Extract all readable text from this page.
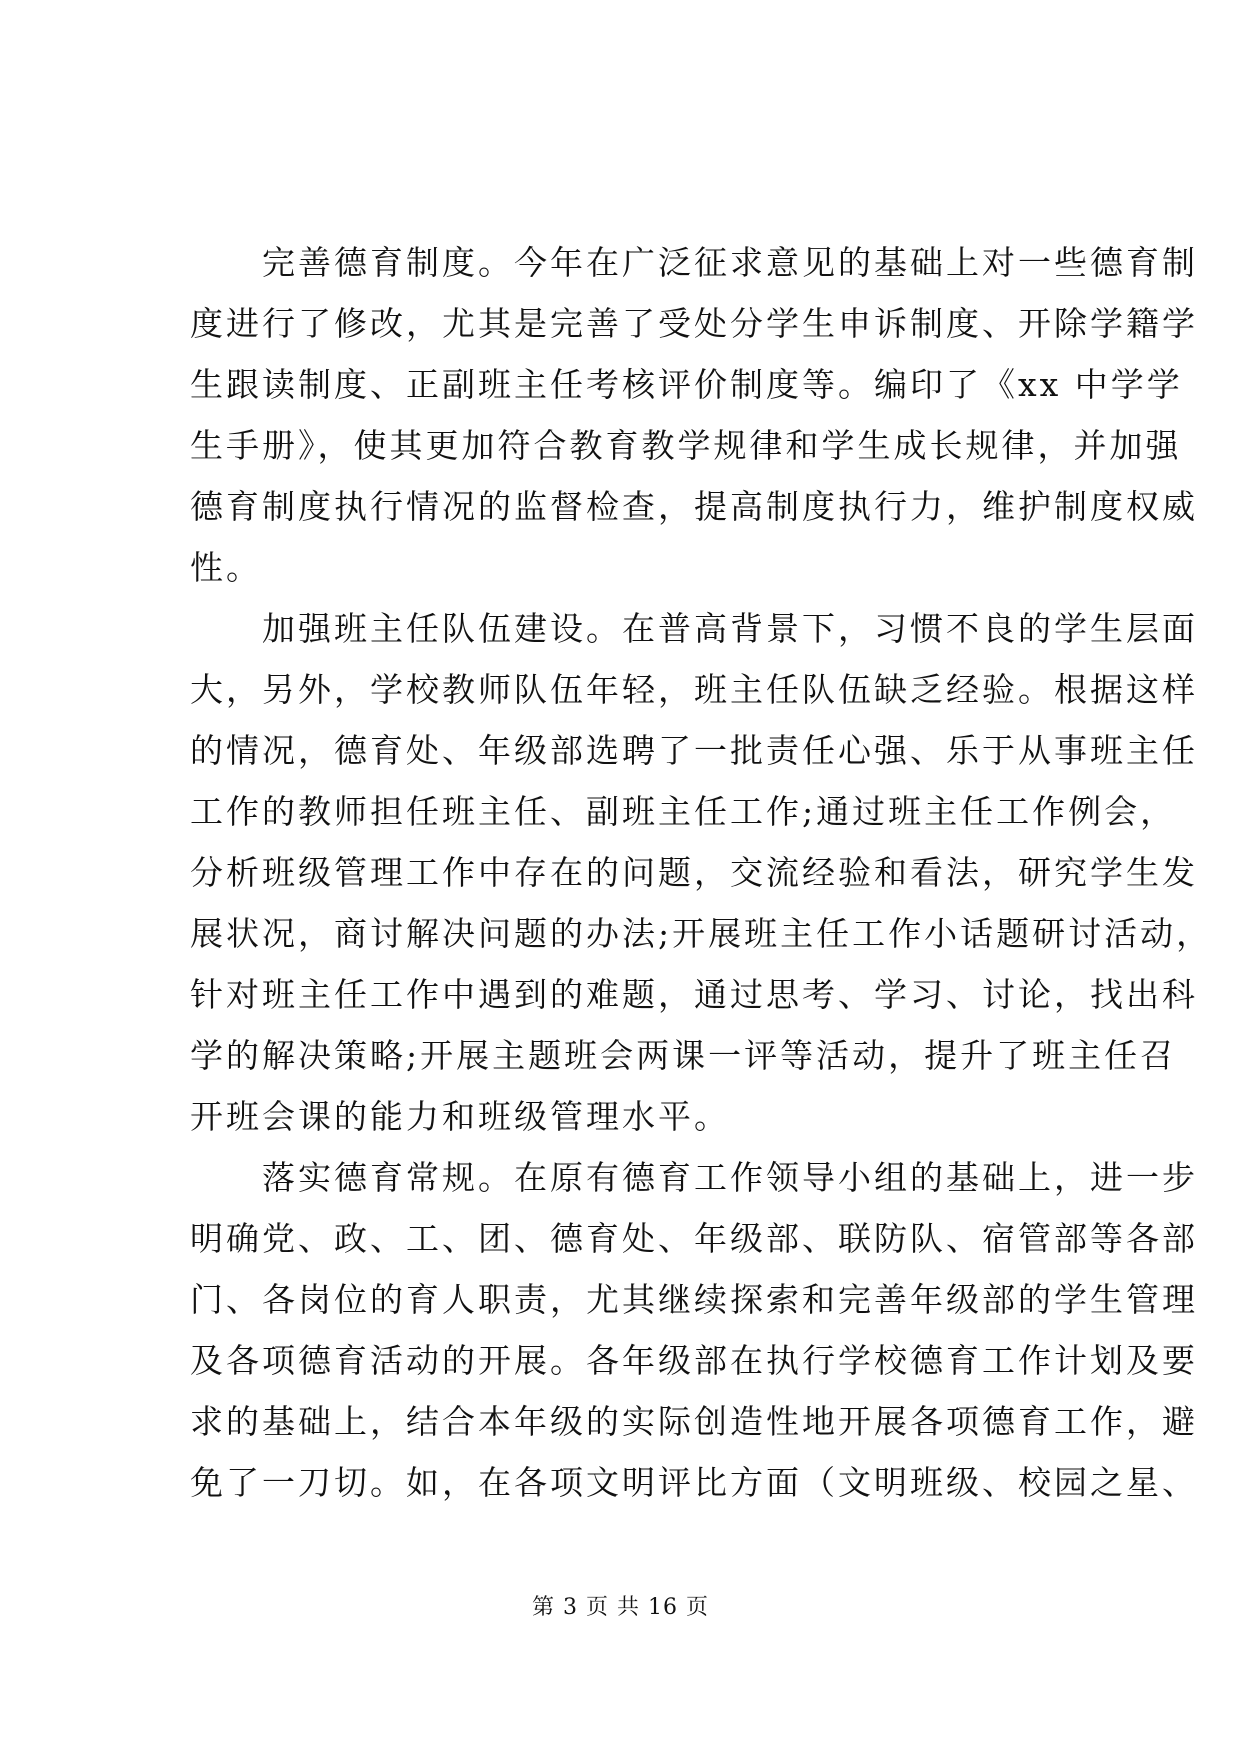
　　完善德育制度。今年在广泛征求意见的基础上对一些德育制
度进行了修改，尤其是完善了受处分学生申诉制度、开除学籍学
生跟读制度、正副班主任考核评价制度等。编印了《xx 中学学
生手册》，使其更加符合教育教学规律和学生成长规律，并加强
德育制度执行情况的监督检查，提高制度执行力，维护制度权威
性。
　　加强班主任队伍建设。在普高背景下，习惯不良的学生层面
大，另外，学校教师队伍年轻，班主任队伍缺乏经验。根据这样
的情况，德育处、年级部选聘了一批责任心强、乐于从事班主任
工作的教师担任班主任、副班主任工作;通过班主任工作例会，
分析班级管理工作中存在的问题，交流经验和看法，研究学生发
展状况，商讨解决问题的办法;开展班主任工作小话题研讨活动，
针对班主任工作中遇到的难题，通过思考、学习、讨论，找出科
学的解决策略;开展主题班会两课一评等活动，提升了班主任召
开班会课的能力和班级管理水平。
　　落实德育常规。在原有德育工作领导小组的基础上，进一步
明确党、政、工、团、德育处、年级部、联防队、宿管部等各部
门、各岗位的育人职责，尤其继续探索和完善年级部的学生管理
及各项德育活动的开展。各年级部在执行学校德育工作计划及要
求的基础上，结合本年级的实际创造性地开展各项德育工作，避
免了一刀切。如，在各项文明评比方面（文明班级、校园之星、
第 3 页 共 16 页
